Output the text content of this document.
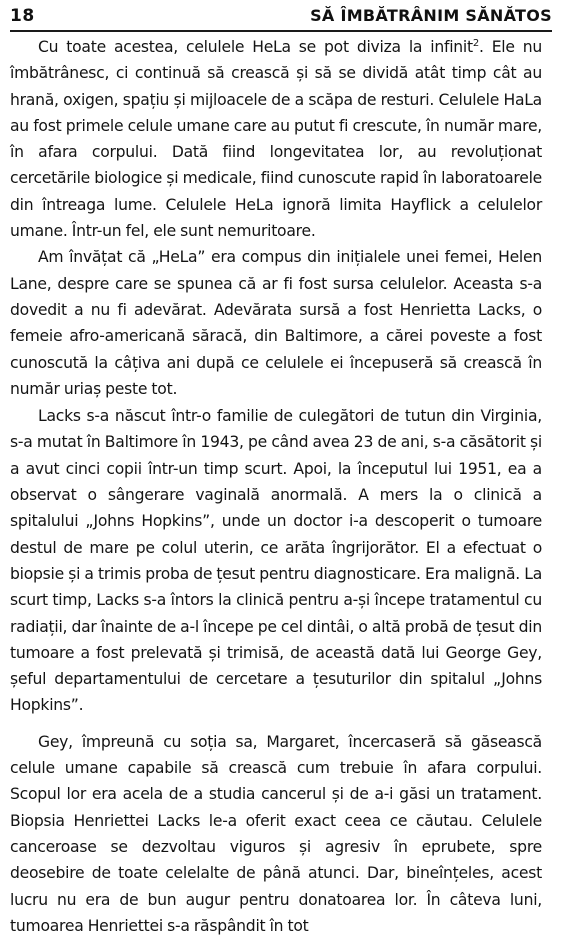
18	SĂ ÎMBĂTRÂNIM SĂNĂTOS

Cu toate acestea, celulele HeLa se pot diviza la infinit$^2$. Ele nu îmbătrânesc, ci continuă să crească și să se dividă atât timp cât au hrană, oxigen, spațiu și mijloacele de a scăpa de resturi. Celulele HaLa au fost primele celule umane care au putut fi crescute, în număr mare, în afara corpului. Dată fiind longevitatea lor, au revoluționat cercetările biologice și medicale, fiind cunoscute rapid în laboratoarele din întreaga lume. Celulele HeLa ignoră limita Hayflick a celulelor umane. Într-un fel, ele sunt nemuritoare.

Am învățat că „HeLa” era compus din inițialele unei femei, Helen Lane, despre care se spunea că ar fi fost sursa celulelor. Aceasta s-a dovedit a nu fi adevărat. Adevărata sursă a fost Henrietta Lacks, o femeie afro-americană săracă, din Baltimore, a cărei poveste a fost cunoscută la câțiva ani după ce celulele ei începuseră să crească în număr uriaș peste tot.

Lacks s-a născut într-o familie de culegători de tutun din Virginia, s-a mutat în Baltimore în 1943, pe când avea 23 de ani, s-a căsătorit și a avut cinci copii într-un timp scurt. Apoi, la începutul lui 1951, ea a observat o sângerare vaginală anormală. A mers la o clinică a spitalului „Johns Hopkins”, unde un doctor i-a descoperit o tumoare destul de mare pe colul uterin, ce arăta îngrijorător. El a efectuat o biopsie și a trimis proba de țesut pentru diagnosticare. Era malignă. La scurt timp, Lacks s-a întors la clinică pentru a-și începe tratamentul cu radiații, dar înainte de a-l începe pe cel dintâi, o altă probă de țesut din tumoare a fost prelevată și trimisă, de această dată lui George Gey, șeful departamentului de cercetare a țesuturilor din spitalul „Johns Hopkins”.

Gey, împreună cu soția sa, Margaret, încercaseră să găsească celule umane capabile să crească cum trebuie în afara corpului. Scopul lor era acela de a studia cancerul și de a-i găsi un tratament. Biopsia Henriettei Lacks le-a oferit exact ceea ce căutau. Celulele canceroase se dezvoltau viguros și agresiv în eprubete, spre deosebire de toate celelalte de până atunci. Dar, bineînțeles, acest lucru nu era de bun augur pentru donatoarea lor. În câteva luni, tumoarea Henriettei s-a răspândit în tot
